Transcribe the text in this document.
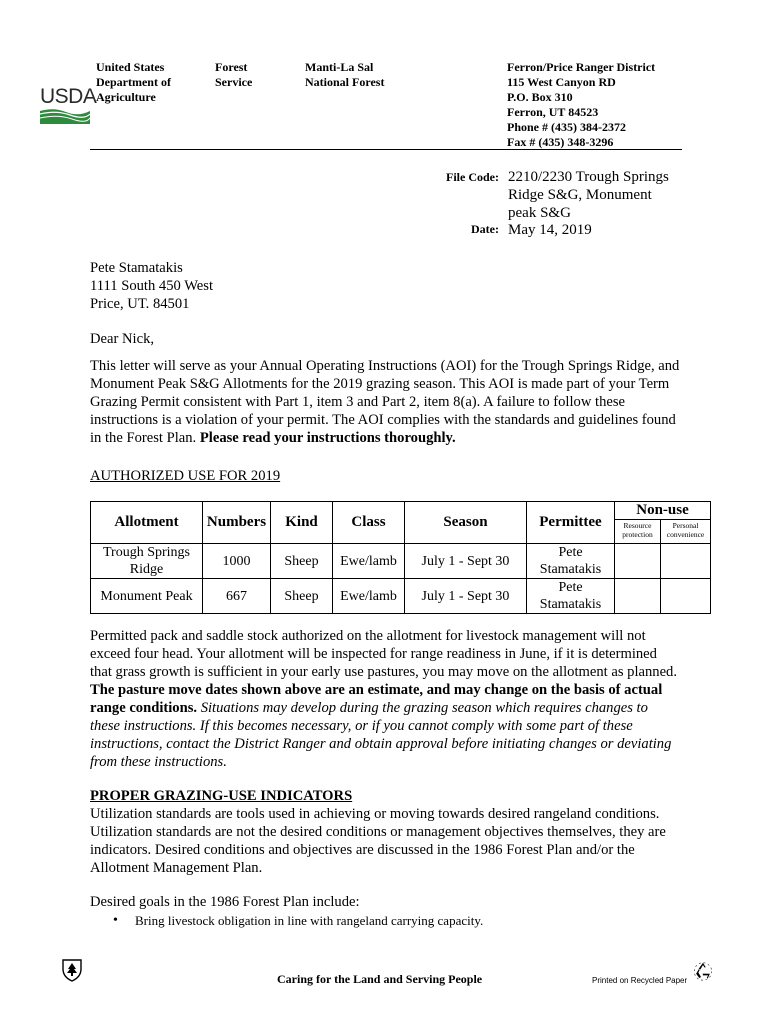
USDA
United States
Department of
Agriculture
Forest
Service
Manti-La Sal
National Forest
Ferron/Price Ranger District
115 West Canyon RD
P.O. Box 310
Ferron, UT 84523
Phone # (435) 384-2372
Fax # (435) 348-3296
File Code: 2210/2230 Trough Springs Ridge S&G, Monument peak S&G
Date: May 14, 2019
Pete Stamatakis
1111 South 450 West
Price, UT. 84501
Dear Nick,
This letter will serve as your Annual Operating Instructions (AOI) for the Trough Springs Ridge, and Monument Peak S&G Allotments for the 2019 grazing season. This AOI is made part of your Term Grazing Permit consistent with Part 1, item 3 and Part 2, item 8(a). A failure to follow these instructions is a violation of your permit. The AOI complies with the standards and guidelines found in the Forest Plan. Please read your instructions thoroughly.
AUTHORIZED USE FOR 2019
Allotment	Numbers	Kind	Class	Season	Permittee	Non-use	
						Resource protection	Personal convenience
Trough Springs Ridge	1000	Sheep	Ewe/lamb	July 1 - Sept 30	Pete Stamatakis		
Monument Peak	667	Sheep	Ewe/lamb	July 1 - Sept 30	Pete Stamatakis		
Permitted pack and saddle stock authorized on the allotment for livestock management will not exceed four head. Your allotment will be inspected for range readiness in June, if it is determined that grass growth is sufficient in your early use pastures, you may move on the allotment as planned. The pasture move dates shown above are an estimate, and may change on the basis of actual range conditions. Situations may develop during the grazing season which requires changes to these instructions. If this becomes necessary, or if you cannot comply with some part of these instructions, contact the District Ranger and obtain approval before initiating changes or deviating from these instructions.
PROPER GRAZING-USE INDICATORS
Utilization standards are tools used in achieving or moving towards desired rangeland conditions. Utilization standards are not the desired conditions or management objectives themselves, they are indicators. Desired conditions and objectives are discussed in the 1986 Forest Plan and/or the Allotment Management Plan.
Desired goals in the 1986 Forest Plan include:
• Bring livestock obligation in line with rangeland carrying capacity.
Caring for the Land and Serving People	Printed on Recycled Paper
